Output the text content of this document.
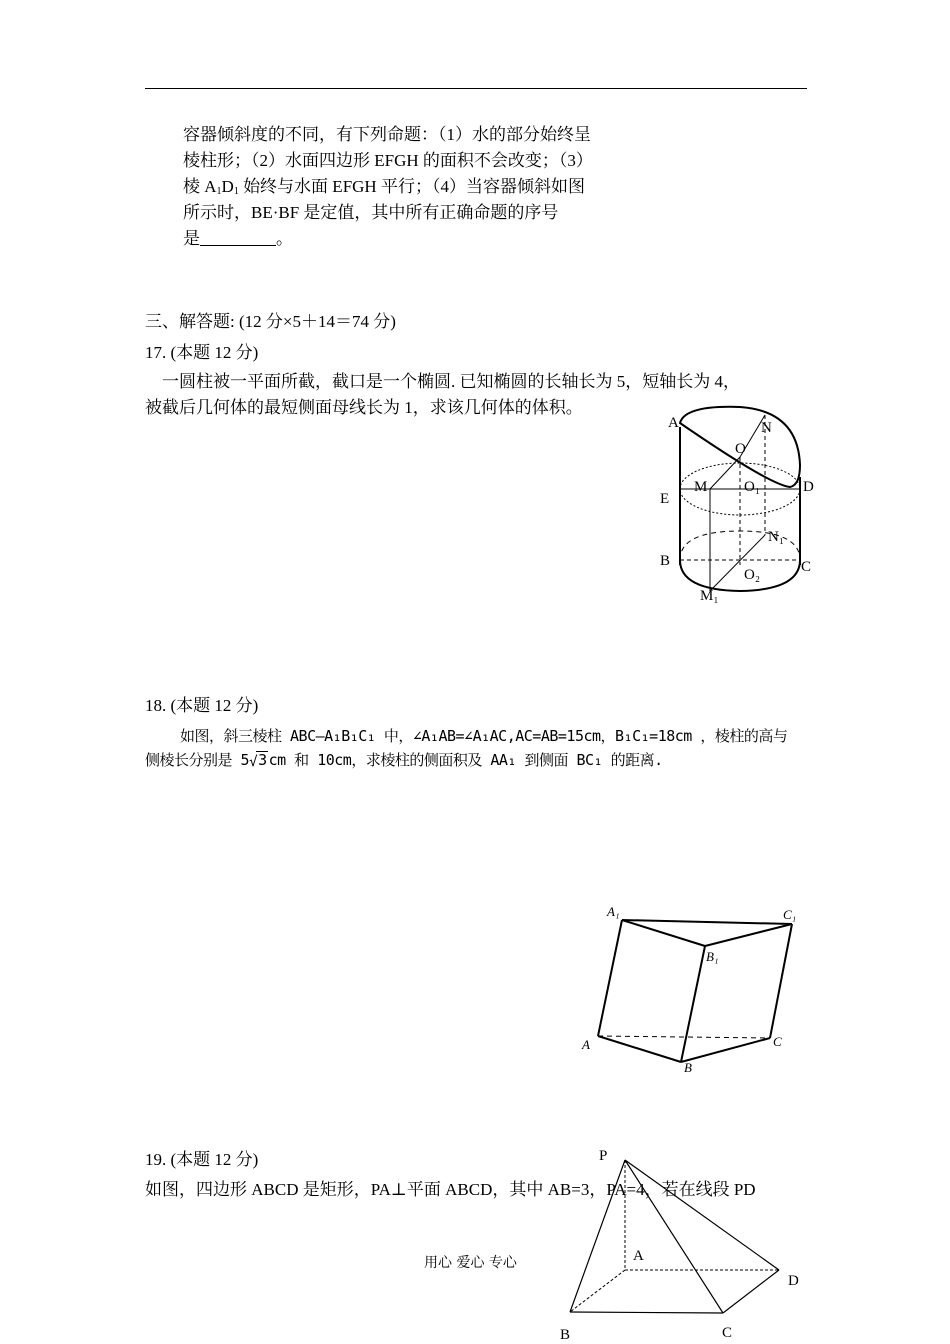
容器倾斜度的不同，有下列命题：（1）水的部分始终呈
棱柱形；（2）水面四边形 EFGH 的面积不会改变；（3）
棱 $A_1D_1$ 始终与水面 EFGH 平行；（4）当容器倾斜如图
所示时，BE·BF 是定值，其中所有正确命题的序号
是	。
三、解答题: (12 分×5＋14＝74 分)
17. (本题 12 分)
一圆柱被一平面所截，截口是一个椭圆. 已知椭圆的长轴长为 5，短轴长为 4，
被截后几何体的最短侧面母线长为 1，求该几何体的体积。
A	N
O
E
M O₁	D
N₁
B	C
O₂
M₁
18. (本题 12 分)
如图，斜三棱柱 ABC—A₁B₁C₁ 中，∠A₁AB=∠A₁AC,AC=AB=15cm，B₁C₁=18cm ，棱柱的高与
侧棱长分别是 5 √ 3 cm 和 10cm，求棱柱的侧面积及 AA₁ 到侧面 BC₁ 的距离.
A₁	C₁
B₁
A	C
B
19. (本题 12 分)	P
A
D
B	C
如图，四边形 ABCD 是矩形，PA⊥平面 ABCD，其中 AB=3，PA=4，若在线段 PD
用心 爱心 专心
